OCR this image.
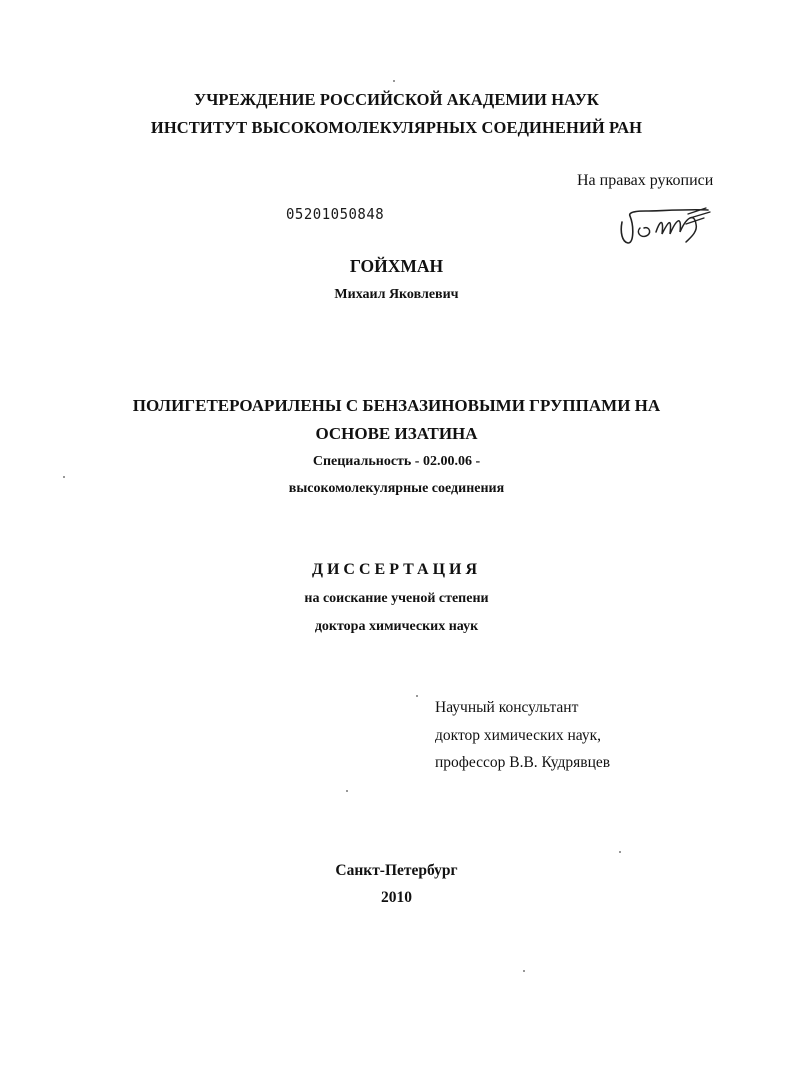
УЧРЕЖДЕНИЕ РОССИЙСКОЙ АКАДЕМИИ НАУК
ИНСТИТУТ ВЫСОКОМОЛЕКУЛЯРНЫХ СОЕДИНЕНИЙ РАН
На правах рукописи
05201050848
ГОЙХМАН
Михаил Яковлевич
ПОЛИГЕТЕРОАРИЛЕНЫ С БЕНЗАЗИНОВЫМИ ГРУППАМИ НА
ОСНОВЕ ИЗАТИНА
Специальность - 02.00.06 -
высокомолекулярные соединения
ДИССЕРТАЦИЯ
на соискание ученой степени
доктора химических наук
Научный консультант
доктор химических наук,
профессор В.В. Кудрявцев
Санкт-Петербург
2010
